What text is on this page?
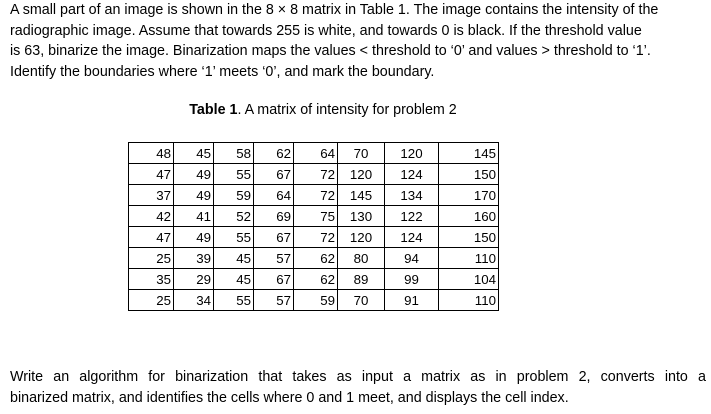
A small part of an image is shown in the 8 × 8 matrix in Table 1. The image contains the intensity of the
radiographic image. Assume that towards 255 is white, and towards 0 is black. If the threshold value
is 63, binarize the image. Binarization maps the values < threshold to ‘0’ and values > threshold to ‘1’.
Identify the boundaries where ‘1’ meets ‘0’, and mark the boundary.
Table 1. A matrix of intensity for problem 2
48	45	58	62	64	70	120	145
47	49	55	67	72	120	124	150
37	49	59	64	72	145	134	170
42	41	52	69	75	130	122	160
47	49	55	67	72	120	124	150
25	39	45	57	62	80	94	110
35	29	45	67	62	89	99	104
25	34	55	57	59	70	91	110
Write an algorithm for binarization that takes as input a matrix as in problem 2, converts into a
binarized matrix, and identifies the cells where 0 and 1 meet, and displays the cell index.
